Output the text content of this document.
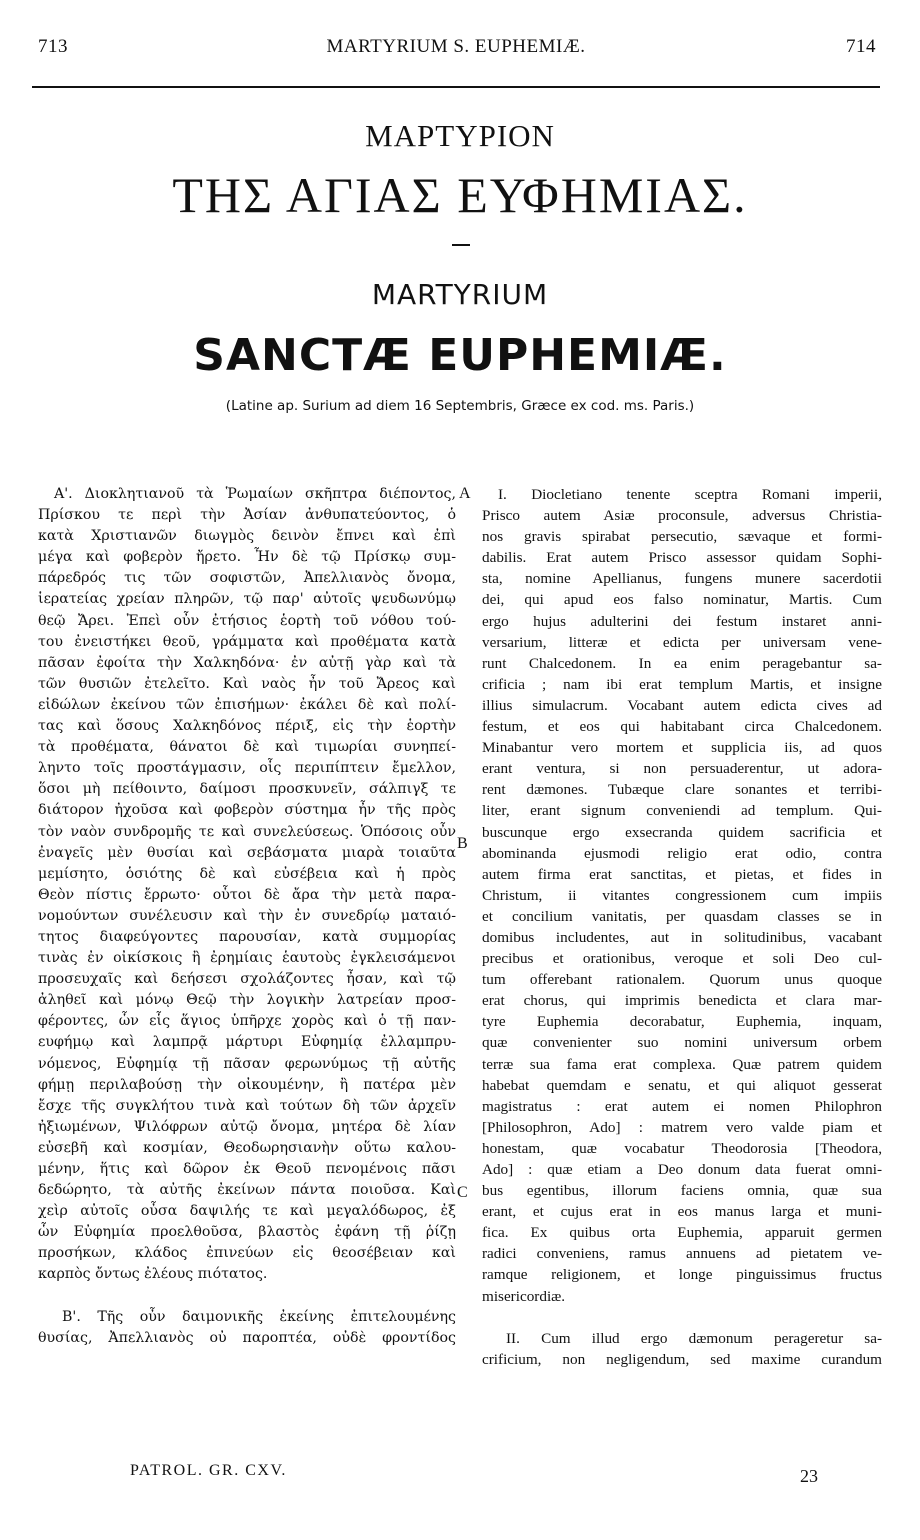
713	MARTYRIUM S. EUPHEMIÆ.	714
ΜΑΡΤΥΡΙΟΝ
ΤΗΣ ΑΓΙΑΣ ΕΥΦΗΜΙΑΣ.
MARTYRIUM
SANCTÆ EUPHEMIÆ.
(Latine ap. Surium ad diem 16 Septembris, Græce ex cod. ms. Paris.)
Α'. Διοκλητιανοῦ τὰ Ῥωμαίων σκῆπτρα διέποντος,
Πρίσκου τε περὶ τὴν Ἀσίαν ἀνθυπατεύοντος, ὁ
κατὰ Χριστιανῶν διωγμὸς δεινὸν ἔπνει καὶ ἐπὶ
μέγα καὶ φοβερὸν ἤρετο. Ἦν δὲ τῷ Πρίσκῳ συμ-
πάρεδρός τις τῶν σοφιστῶν, Ἀπελλιανὸς ὄνομα,
ἱερατείας χρείαν πληρῶν, τῷ παρ' αὐτοῖς ψευδωνύμῳ
θεῷ Ἄρει. Ἐπεὶ οὖν ἐτήσιος ἑορτὴ τοῦ νόθου τού-
του ἐνειστήκει θεοῦ, γράμματα καὶ προθέματα κατὰ
πᾶσαν ἐφοίτα τὴν Χαλκηδόνα· ἐν αὐτῇ γὰρ καὶ τὰ
τῶν θυσιῶν ἐτελεῖτο. Καὶ ναὸς ἦν τοῦ Ἄρεος καὶ
εἰδώλων ἐκείνου τῶν ἐπισήμων· ἐκάλει δὲ καὶ πολί-
τας καὶ ὅσους Χαλκηδόνος πέριξ, εἰς τὴν ἑορτὴν
τὰ προθέματα, θάνατοι δὲ καὶ τιμωρίαι συνηπεί-
ληντο τοῖς προστάγμασιν, οἷς περιπίπτειν ἔμελλον,
ὅσοι μὴ πείθοιντο, δαίμοσι προσκυνεῖν, σάλπιγξ τε
διάτορον ἠχοῦσα καὶ φοβερὸν σύστημα ἦν τῆς πρὸς
τὸν ναὸν συνδρομῆς τε καὶ συνελεύσεως. Ὁπόσοις οὖν
ἐναγεῖς μὲν θυσίαι καὶ σεβάσματα μιαρὰ τοιαῦτα
μεμίσητο, ὁσιότης δὲ καὶ εὐσέβεια καὶ ἡ πρὸς
Θεὸν πίστις ἔρρωτο· οὗτοι δὲ ἄρα τὴν μετὰ παρα-
νομούντων συνέλευσιν καὶ τὴν ἐν συνεδρίῳ ματαιό-
τητος διαφεύγοντες παρουσίαν, κατὰ συμμορίας
τινὰς ἐν οἰκίσκοις ἢ ἐρημίαις ἑαυτοὺς ἐγκλεισάμενοι
προσευχαῖς καὶ δεήσεσι σχολάζοντες ἦσαν, καὶ τῷ
ἀληθεῖ καὶ μόνῳ Θεῷ τὴν λογικὴν λατρείαν προσ-
φέροντες, ὧν εἷς ἅγιος ὑπῆρχε χορὸς καὶ ὁ τῇ παν-
ευφήμῳ καὶ λαμπρᾷ μάρτυρι Εὐφημίᾳ ἐλλαμπρυ-
νόμενος, Εὐφημίᾳ τῇ πᾶσαν φερωνύμως τῇ αὐτῆς
φήμῃ περιλαβούσῃ τὴν οἰκουμένην, ἢ πατέρα μὲν
ἔσχε τῆς συγκλήτου τινὰ καὶ τούτων δὴ τῶν ἀρχεῖν
ἠξιωμένων, Ψιλόφρων αὐτῷ ὄνομα, μητέρα δὲ λίαν
εὐσεβῆ καὶ κοσμίαν, Θεοδωρησιανὴν οὕτω καλου-
μένην, ἥτις καὶ δῶρον ἐκ Θεοῦ πενομένοις πᾶσι
δεδώρητο, τὰ αὐτῆς ἐκείνων πάντα ποιοῦσα. Καὶ
χεὶρ αὐτοῖς οὖσα δαψιλής τε καὶ μεγαλόδωρος, ἐξ
ὧν Εὐφημία προελθοῦσα, βλαστὸς ἐφάνη τῇ ῥίζῃ
προσήκων, κλάδος ἐπινεύων εἰς θεοσέβειαν καὶ
καρπὸς ὄντως ἐλέους πιότατος.
Β'. Τῆς οὖν δαιμονικῆς ἐκείνης ἐπιτελουμένης
θυσίας, Ἀπελλιανὸς οὐ παροπτέα, οὐδὲ φροντίδος
I. Diocletiano tenente sceptra Romani imperii,
Prisco autem Asiæ proconsule, adversus Christia-
nos gravis spirabat persecutio, sævaque et formi-
dabilis. Erat autem Prisco assessor quidam Sophi-
sta, nomine Apellianus, fungens munere sacerdotii
dei, qui apud eos falso nominatur, Martis. Cum
ergo hujus adulterini dei festum instaret anni-
versarium, litteræ et edicta per universam vene-
runt Chalcedonem. In ea enim peragebantur sa-
crificia ; nam ibi erat templum Martis, et insigne
illius simulacrum. Vocabant autem edicta cives ad
festum, et eos qui habitabant circa Chalcedonem.
Minabantur vero mortem et supplicia iis, ad quos
erant ventura, si non persuaderentur, ut adora-
rent dæmones. Tubæque clare sonantes et terribi-
liter, erant signum conveniendi ad templum. Qui-
buscunque ergo exsecranda quidem sacrificia et
abominanda ejusmodi religio erat odio, contra
autem firma erat sanctitas, et pietas, et fides in
Christum, ii vitantes congressionem cum impiis
et concilium vanitatis, per quasdam classes se in
domibus includentes, aut in solitudinibus, vacabant
precibus et orationibus, veroque et soli Deo cul-
tum offerebant rationalem. Quorum unus quoque
erat chorus, qui imprimis benedicta et clara mar-
tyre Euphemia decorabatur, Euphemia, inquam,
quæ convenienter suo nomini universum orbem
terræ sua fama erat complexa. Quæ patrem quidem
habebat quemdam e senatu, et qui aliquot gesserat
magistratus : erat autem ei nomen Philophron
[Philosophron, Ado] : matrem vero valde piam et
honestam, quæ vocabatur Theodorosia [Theodora,
Ado] : quæ etiam a Deo donum data fuerat omni-
bus egentibus, illorum faciens omnia, quæ sua
erant, et cujus erat in eos manus larga et muni-
fica. Ex quibus orta Euphemia, apparuit germen
radici conveniens, ramus annuens ad pietatem ve-
ramque religionem, et longe pinguissimus fructus
misericordiæ.
II. Cum illud ergo dæmonum perageretur sa-
crificium, non negligendum, sed maxime curandum
A
B
C
PATROL. GR. CXV.	23
